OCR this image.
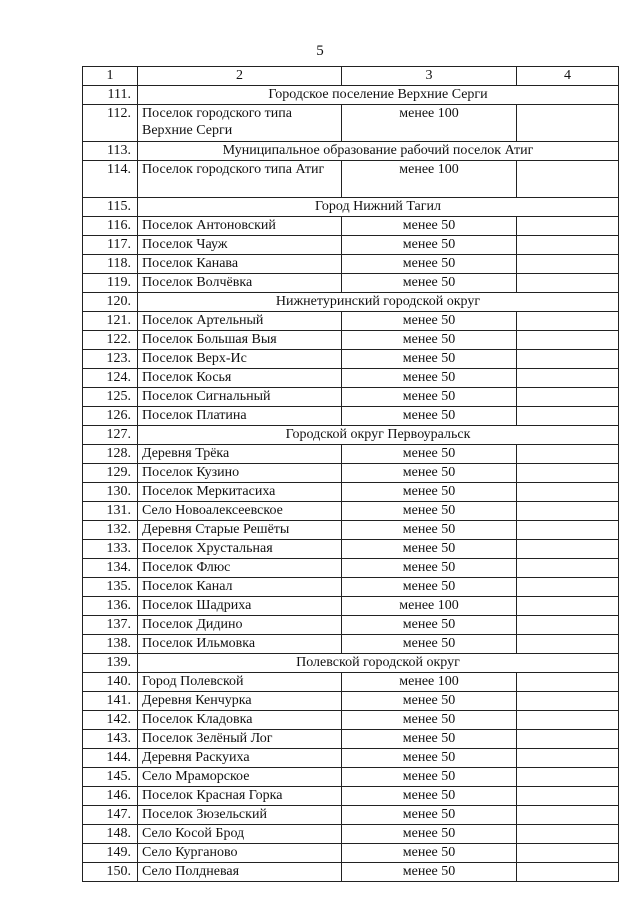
5
1	2	3	4
111.	Городское поселение Верхние Серги		
112.	Поселок городского типа Верхние Серги	менее 100	
113.	Муниципальное образование рабочий поселок Атиг		
114.	Поселок городского типа Атиг	менее 100	
115.	Город Нижний Тагил		
116.	Поселок Антоновский	менее 50	
117.	Поселок Чауж	менее 50	
118.	Поселок Канава	менее 50	
119.	Поселок Волчёвка	менее 50	
120.	Нижнетуринский городской округ		
121.	Поселок Артельный	менее 50	
122.	Поселок Большая Выя	менее 50	
123.	Поселок Верх-Ис	менее 50	
124.	Поселок Косья	менее 50	
125.	Поселок Сигнальный	менее 50	
126.	Поселок Платина	менее 50	
127.	Городской округ Первоуральск		
128.	Деревня Трёка	менее 50	
129.	Поселок Кузино	менее 50	
130.	Поселок Меркитасиха	менее 50	
131.	Село Новоалексеевское	менее 50	
132.	Деревня Старые Решёты	менее 50	
133.	Поселок Хрустальная	менее 50	
134.	Поселок Флюс	менее 50	
135.	Поселок Канал	менее 50	
136.	Поселок Шадриха	менее 100	
137.	Поселок Дидино	менее 50	
138.	Поселок Ильмовка	менее 50	
139.	Полевской городской округ		
140.	Город Полевской	менее 100	
141.	Деревня Кенчурка	менее 50	
142.	Поселок Кладовка	менее 50	
143.	Поселок Зелёный Лог	менее 50	
144.	Деревня Раскуиха	менее 50	
145.	Село Мраморское	менее 50	
146.	Поселок Красная Горка	менее 50	
147.	Поселок Зюзельский	менее 50	
148.	Село Косой Брод	менее 50	
149.	Село Курганово	менее 50	
150.	Село Полдневая	менее 50	
